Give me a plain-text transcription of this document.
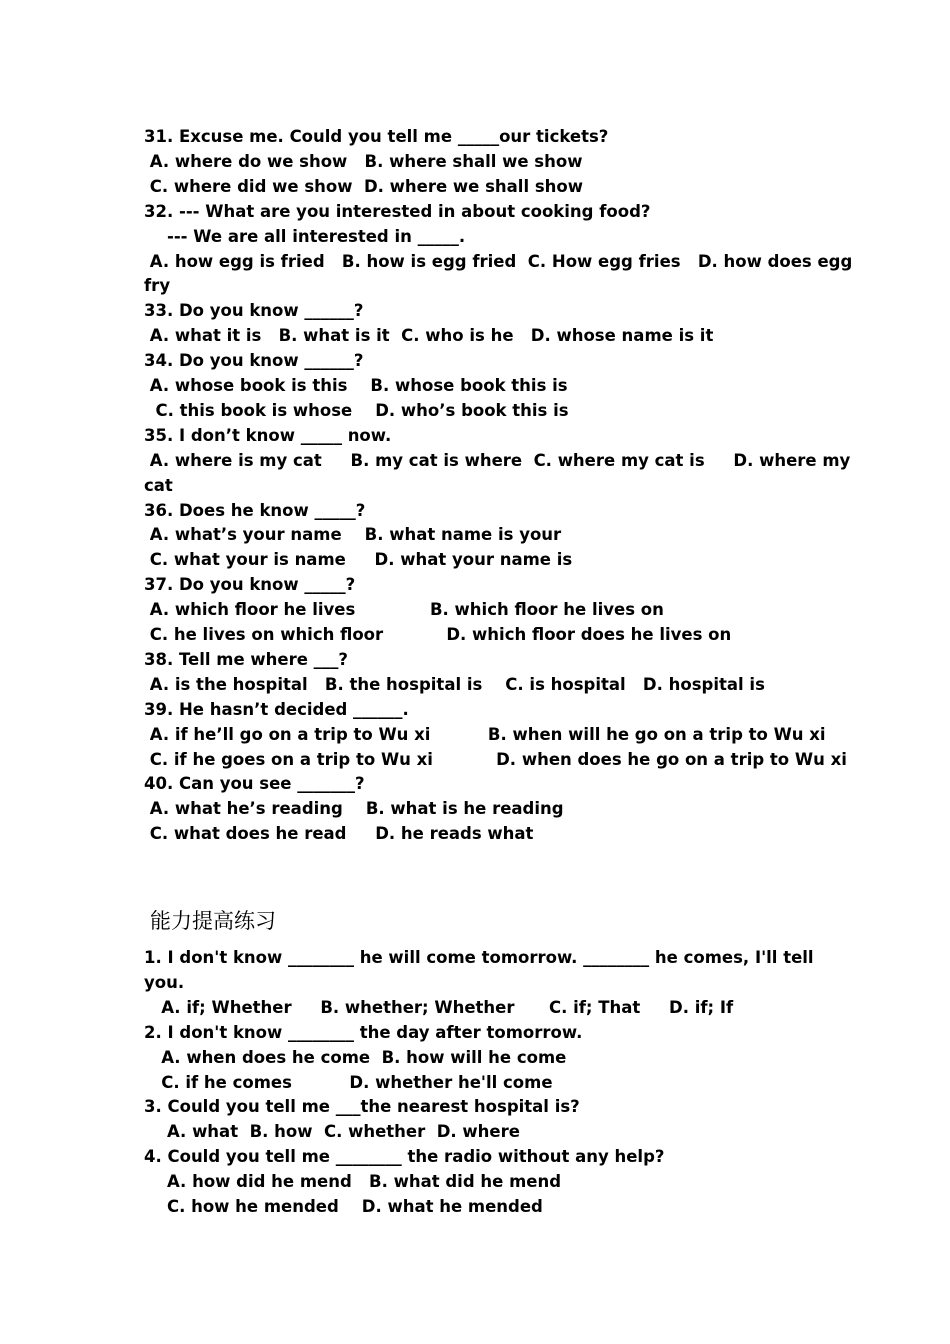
31. Excuse me. Could you tell me _____our tickets?
A. where do we show   B. where shall we show
C. where did we show  D. where we shall show
32. --- What are you interested in about cooking food?
--- We are all interested in _____.
A. how egg is fried   B. how is egg fried  C. How egg fries   D. how does egg
fry
33. Do you know ______?
A. what it is   B. what is it  C. who is he   D. whose name is it
34. Do you know ______?
A. whose book is this    B. whose book this is
C. this book is whose    D. who’s book this is
35. I don’t know _____ now.
A. where is my cat     B. my cat is where  C. where my cat is     D. where my
cat
36. Does he know _____?
A. what’s your name    B. what name is your
C. what your is name     D. what your name is
37. Do you know _____?
A. which floor he lives             B. which floor he lives on
C. he lives on which floor           D. which floor does he lives on
38. Tell me where ___?
A. is the hospital   B. the hospital is    C. is hospital   D. hospital is
39. He hasn’t decided ______.
A. if he’ll go on a trip to Wu xi          B. when will he go on a trip to Wu xi
C. if he goes on a trip to Wu xi           D. when does he go on a trip to Wu xi
40. Can you see _______?
A. what he’s reading    B. what is he reading
C. what does he read     D. he reads what
能力提高练习
1. I don't know ________ he will come tomorrow. ________ he comes, I'll tell
you.
A. if; Whether     B. whether; Whether      C. if; That     D. if; If
2. I don't know ________ the day after tomorrow.
A. when does he come  B. how will he come
C. if he comes          D. whether he'll come
3. Could you tell me ___the nearest hospital is?
A. what  B. how  C. whether  D. where
4. Could you tell me ________ the radio without any help?
A. how did he mend   B. what did he mend
C. how he mended    D. what he mended
